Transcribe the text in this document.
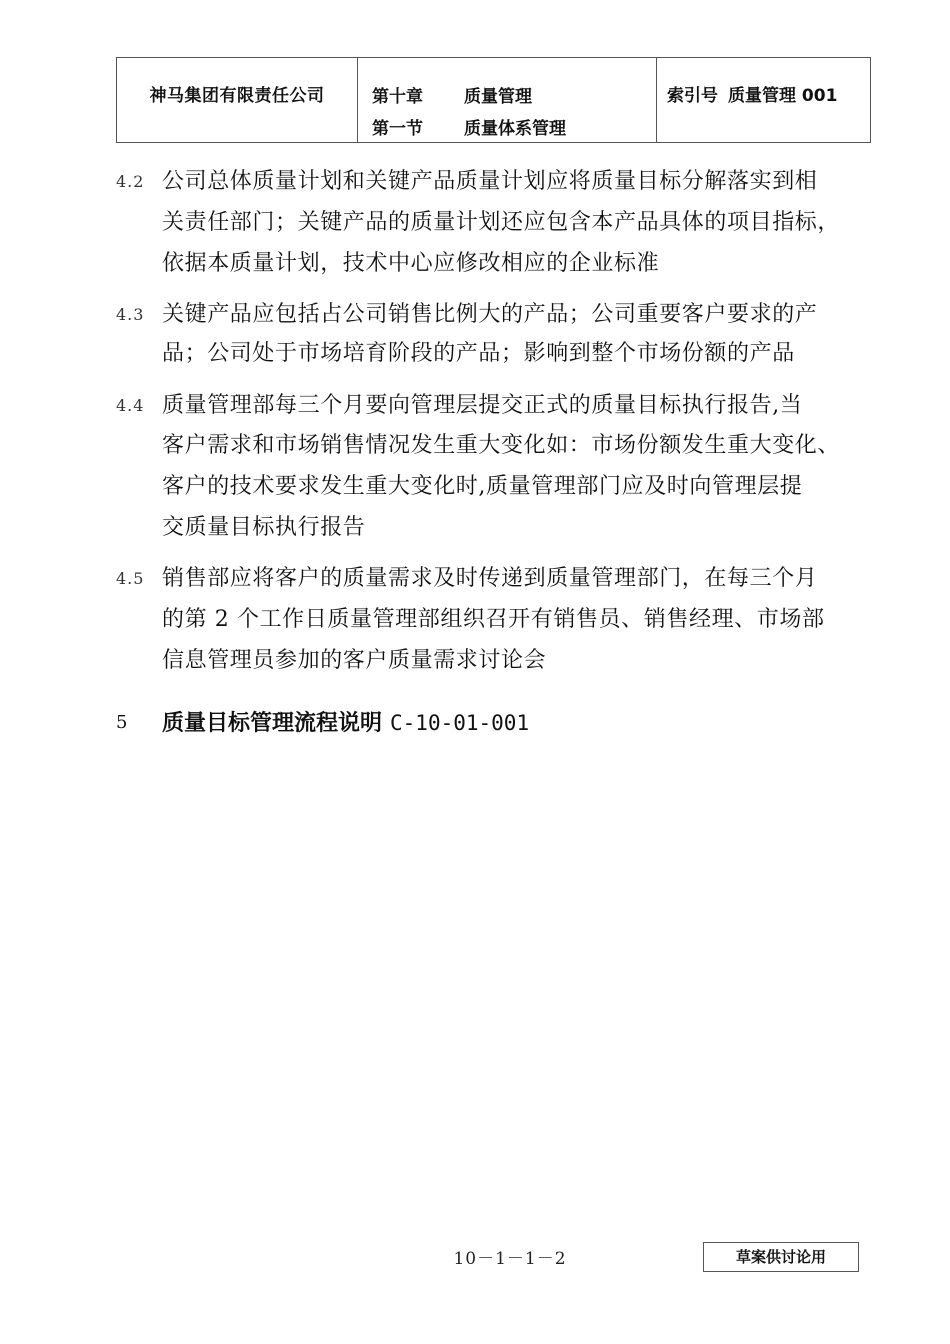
神马集团有限责任公司	第十章	质量管理
第一节	质量体系管理

索引号 质量管理 001
4.2 公司总体质量计划和关键产品质量计划应将质量目标分解落实到相
关责任部门；关键产品的质量计划还应包含本产品具体的项目指标，
依据本质量计划，技术中心应修改相应的企业标准
4.3 关键产品应包括占公司销售比例大的产品；公司重要客户要求的产
品；公司处于市场培育阶段的产品；影响到整个市场份额的产品
4.4 质量管理部每三个月要向管理层提交正式的质量目标执行报告,当
客户需求和市场销售情况发生重大变化如：市场份额发生重大变化、
客户的技术要求发生重大变化时,质量管理部门应及时向管理层提
交质量目标执行报告
4.5 销售部应将客户的质量需求及时传递到质量管理部门，在每三个月
的第 2 个工作日质量管理部组织召开有销售员、销售经理、市场部
信息管理员参加的客户质量需求讨论会
5 质量目标管理流程说明 C-10-01-001
10－1－1－2	草案供讨论用
